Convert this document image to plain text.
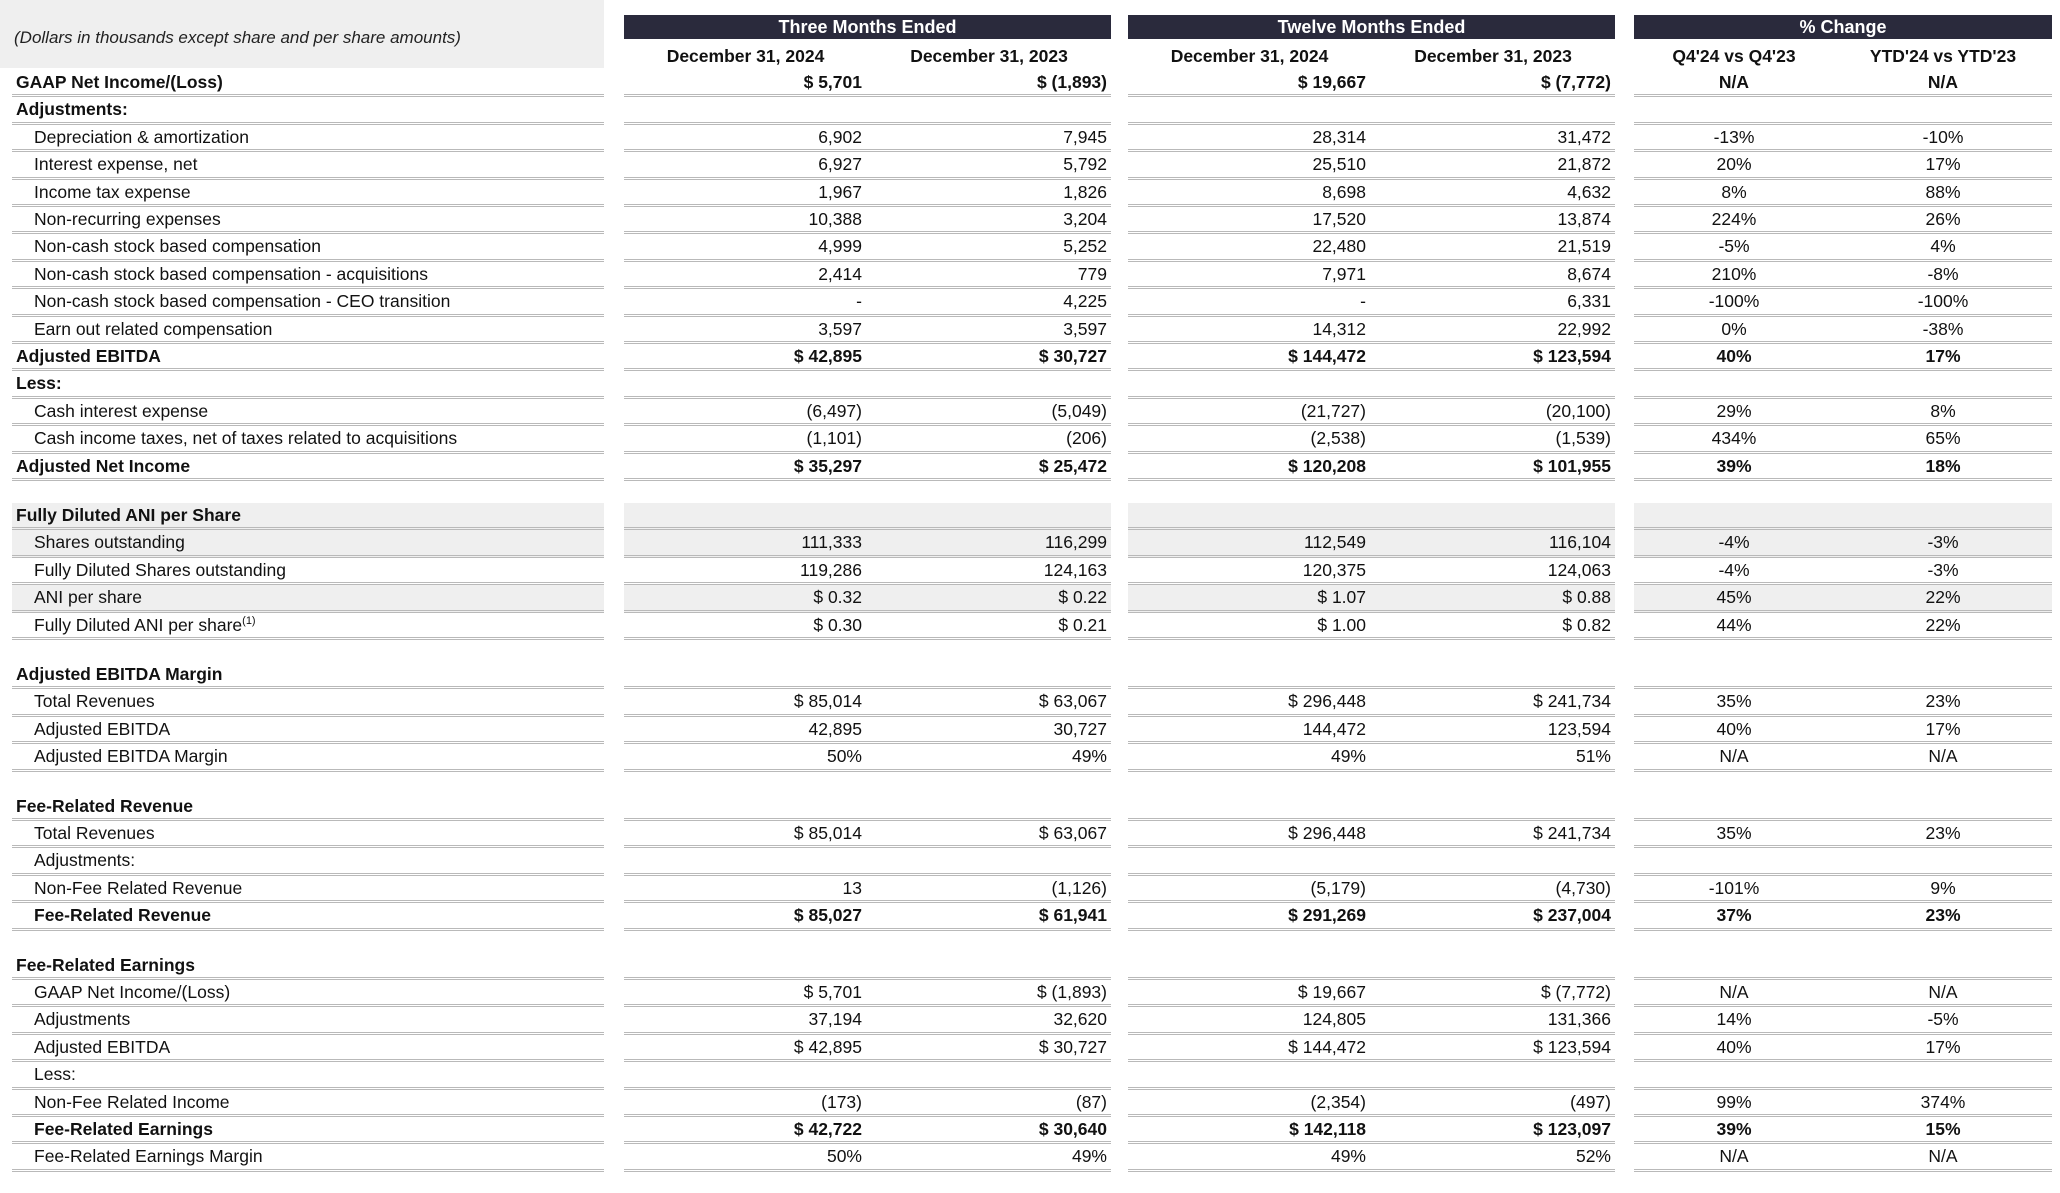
(Dollars in thousands except share and per share amounts)
Three Months Ended	Twelve Months Ended	% Change
December 31, 2024	December 31, 2023	December 31, 2024	December 31, 2023	Q4'24 vs Q4'23	YTD'24 vs YTD'23
GAAP Net Income/(Loss)	$ 5,701	$ (1,893)	$ 19,667	$ (7,772)	N/A	N/A
Adjustments:
Depreciation & amortization	6,902	7,945	28,314	31,472	-13%	-10%
Interest expense, net	6,927	5,792	25,510	21,872	20%	17%
Income tax expense	1,967	1,826	8,698	4,632	8%	88%
Non-recurring expenses	10,388	3,204	17,520	13,874	224%	26%
Non-cash stock based compensation	4,999	5,252	22,480	21,519	-5%	4%
Non-cash stock based compensation - acquisitions	2,414	779	7,971	8,674	210%	-8%
Non-cash stock based compensation - CEO transition	-	4,225	-	6,331	-100%	-100%
Earn out related compensation	3,597	3,597	14,312	22,992	0%	-38%
Adjusted EBITDA	$ 42,895	$ 30,727	$ 144,472	$ 123,594	40%	17%
Less:
Cash interest expense	(6,497)	(5,049)	(21,727)	(20,100)	29%	8%
Cash income taxes, net of taxes related to acquisitions	(1,101)	(206)	(2,538)	(1,539)	434%	65%
Adjusted Net Income	$ 35,297	$ 25,472	$ 120,208	$ 101,955	39%	18%
Fully Diluted ANI per Share
Shares outstanding	111,333	116,299	112,549	116,104	-4%	-3%
Fully Diluted Shares outstanding	119,286	124,163	120,375	124,063	-4%	-3%
ANI per share	$ 0.32	$ 0.22	$ 1.07	$ 0.88	45%	22%
Fully Diluted ANI per share$^{(1)}$	$ 0.30	$ 0.21	$ 1.00	$ 0.82	44%	22%
Adjusted EBITDA Margin
Total Revenues	$ 85,014	$ 63,067	$ 296,448	$ 241,734	35%	23%
Adjusted EBITDA	42,895	30,727	144,472	123,594	40%	17%
Adjusted EBITDA Margin	50%	49%	49%	51%	N/A	N/A
Fee-Related Revenue
Total Revenues	$ 85,014	$ 63,067	$ 296,448	$ 241,734	35%	23%
Adjustments:
Non-Fee Related Revenue	13	(1,126)	(5,179)	(4,730)	-101%	9%
Fee-Related Revenue	$ 85,027	$ 61,941	$ 291,269	$ 237,004	37%	23%
Fee-Related Earnings
GAAP Net Income/(Loss)	$ 5,701	$ (1,893)	$ 19,667	$ (7,772)	N/A	N/A
Adjustments	37,194	32,620	124,805	131,366	14%	-5%
Adjusted EBITDA	$ 42,895	$ 30,727	$ 144,472	$ 123,594	40%	17%
Less:
Non-Fee Related Income	(173)	(87)	(2,354)	(497)	99%	374%
Fee-Related Earnings	$ 42,722	$ 30,640	$ 142,118	$ 123,097	39%	15%
Fee-Related Earnings Margin	50%	49%	49%	52%	N/A	N/A
